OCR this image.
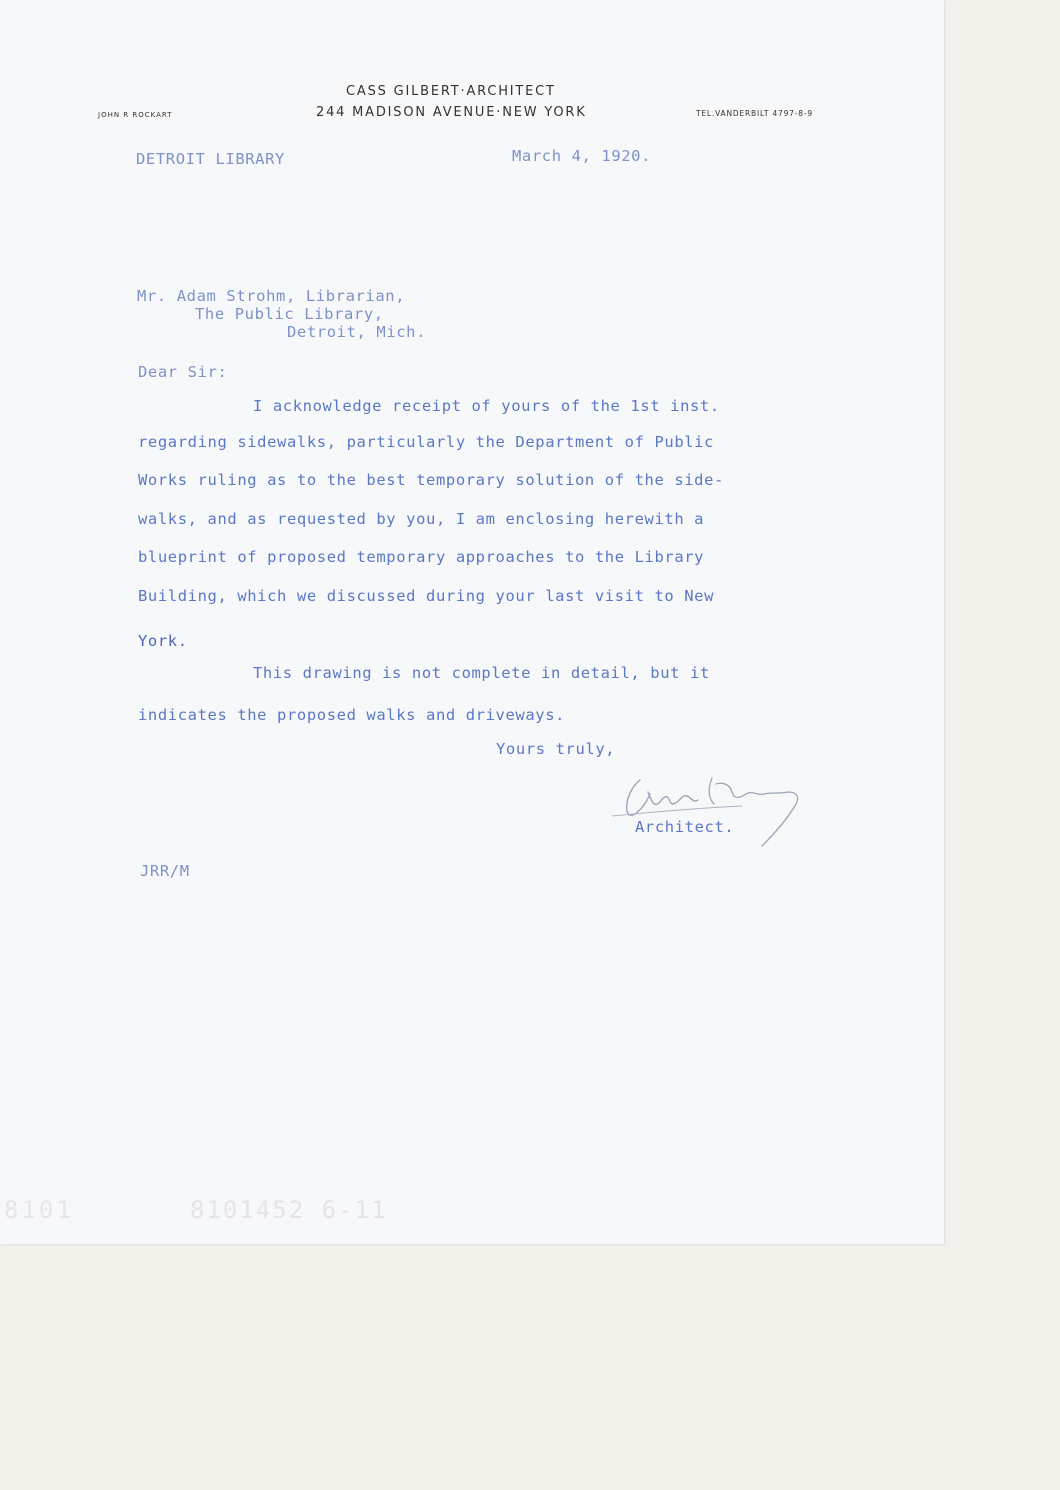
CASS GILBERT·ARCHITECT
244 MADISON AVENUE·NEW YORK
JOHN R ROCKART	TEL.VANDERBILT 4797-8-9
DETROIT LIBRARY	March 4, 1920.
Mr. Adam Strohm, Librarian,
The Public Library,
Detroit, Mich.
Dear Sir:
I acknowledge receipt of yours of the 1st inst.
regarding sidewalks, particularly the Department of Public
Works ruling as to the best temporary solution of the side-
walks, and as requested by you, I am enclosing herewith a
blueprint of proposed temporary approaches to the Library
Building, which we discussed during your last visit to New
York.
This drawing is not complete in detail, but it
indicates the proposed walks and driveways.
Yours truly,
Architect.
JRR/M
8101	8101452 6-11
